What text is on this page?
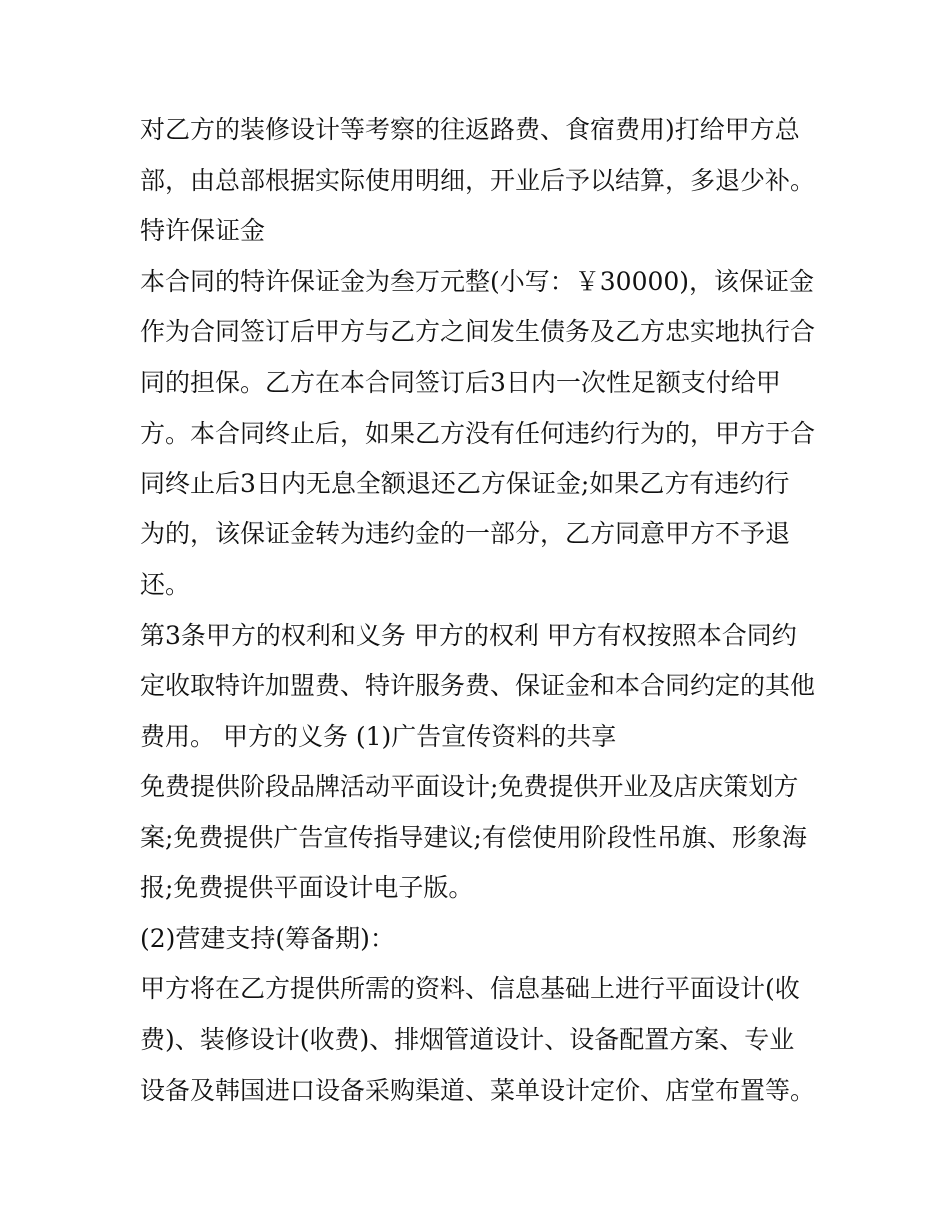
对乙方的装修设计等考察的往返路费、食宿费用)打给甲方总
部，由总部根据实际使用明细，开业后予以结算，多退少补。
特许保证金
本合同的特许保证金为叁万元整(小写：￥30000)，该保证金
作为合同签订后甲方与乙方之间发生债务及乙方忠实地执行合
同的担保。乙方在本合同签订后3日内一次性足额支付给甲
方。本合同终止后，如果乙方没有任何违约行为的，甲方于合
同终止后3日内无息全额退还乙方保证金;如果乙方有违约行
为的，该保证金转为违约金的一部分，乙方同意甲方不予退
还。
第3条甲方的权利和义务 甲方的权利 甲方有权按照本合同约
定收取特许加盟费、特许服务费、保证金和本合同约定的其他
费用。 甲方的义务 (1)广告宣传资料的共享
免费提供阶段品牌活动平面设计;免费提供开业及店庆策划方
案;免费提供广告宣传指导建议;有偿使用阶段性吊旗、形象海
报;免费提供平面设计电子版。
(2)营建支持(筹备期)：
甲方将在乙方提供所需的资料、信息基础上进行平面设计(收
费)、装修设计(收费)、排烟管道设计、设备配置方案、专业
设备及韩国进口设备采购渠道、菜单设计定价、店堂布置等。
